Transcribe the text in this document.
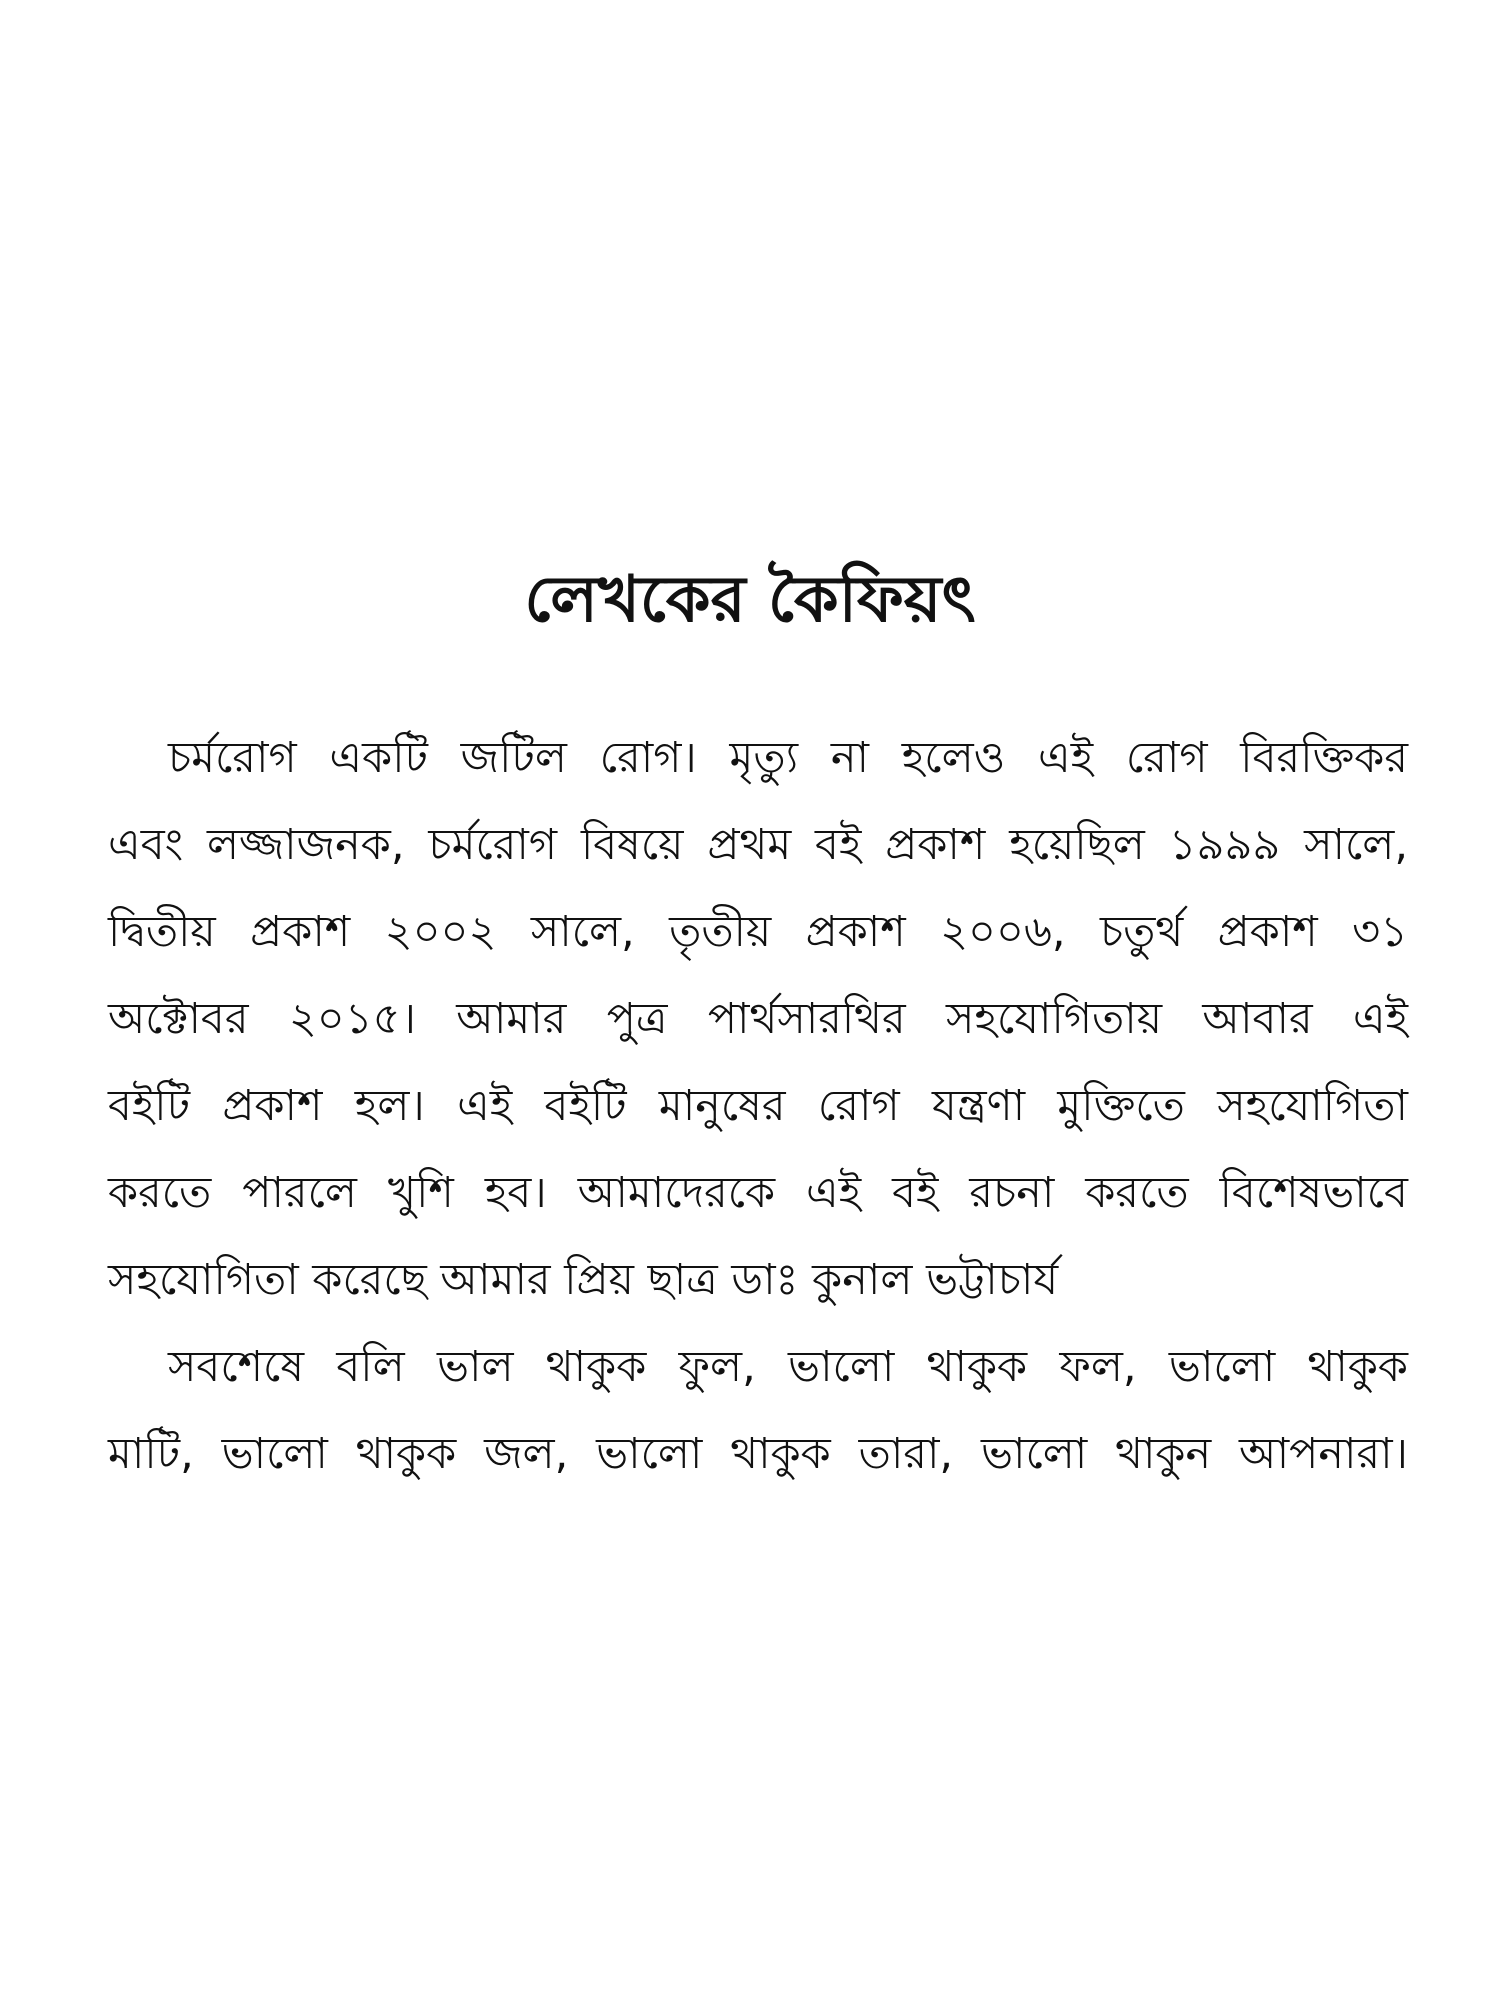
লেখকের কৈফিয়ৎ
চর্মরোগ একটি জটিল রোগ। মৃত্যু না হলেও এই রোগ বিরক্তিকর
এবং লজ্জাজনক, চর্মরোগ বিষয়ে প্রথম বই প্রকাশ হয়েছিল ১৯৯৯ সালে,
দ্বিতীয় প্রকাশ ২০০২ সালে, তৃতীয় প্রকাশ ২০০৬, চতুর্থ প্রকাশ ৩১
অক্টোবর ২০১৫। আমার পুত্র পার্থসারথির সহযোগিতায় আবার এই
বইটি প্রকাশ হল। এই বইটি মানুষের রোগ যন্ত্রণা মুক্তিতে সহযোগিতা
করতে পারলে খুশি হব। আমাদেরকে এই বই রচনা করতে বিশেষভাবে
সহযোগিতা করেছে আমার প্রিয় ছাত্র ডাঃ কুনাল ভট্টাচার্য
সবশেষে বলি ভাল থাকুক ফুল, ভালো থাকুক ফল, ভালো থাকুক
মাটি, ভালো থাকুক জল, ভালো থাকুক তারা, ভালো থাকুন আপনারা।
